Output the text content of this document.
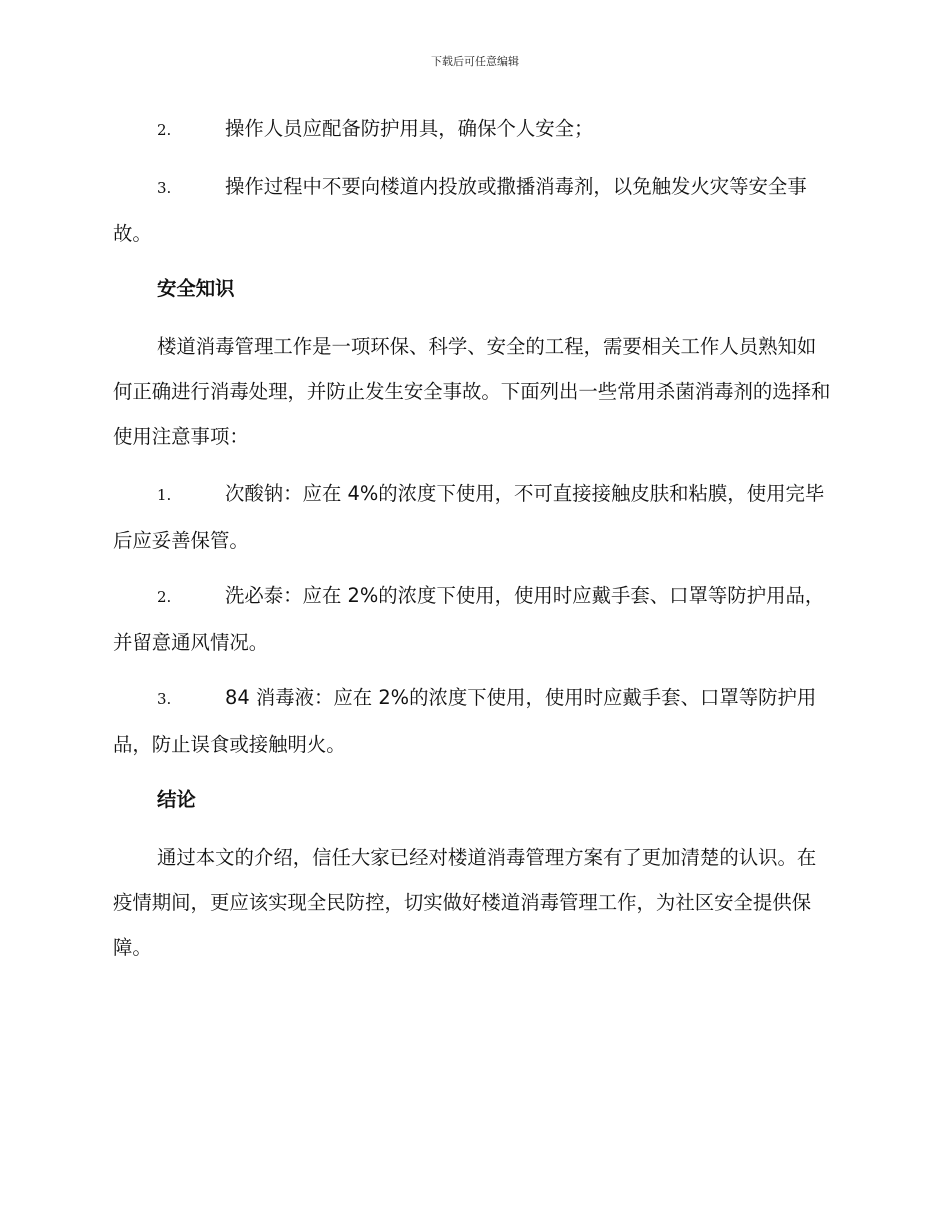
下载后可任意编辑

2.	操作人员应配备防护用具，确保个人安全；

3.	操作过程中不要向楼道内投放或撒播消毒剂，以免触发火灾等安全事故。

安全知识

楼道消毒管理工作是一项环保、科学、安全的工程，需要相关工作人员熟知如何正确进行消毒处理，并防止发生安全事故。下面列出一些常用杀菌消毒剂的选择和使用注意事项：

1.	次酸钠：应在 4%的浓度下使用，不可直接接触皮肤和粘膜，使用完毕后应妥善保管。

2.	洗必泰：应在 2%的浓度下使用，使用时应戴手套、口罩等防护用品，并留意通风情况。

3.	84 消毒液：应在 2%的浓度下使用，使用时应戴手套、口罩等防护用品，防止误食或接触明火。

结论

通过本文的介绍，信任大家已经对楼道消毒管理方案有了更加清楚的认识。在疫情期间，更应该实现全民防控，切实做好楼道消毒管理工作，为社区安全提供保障。
